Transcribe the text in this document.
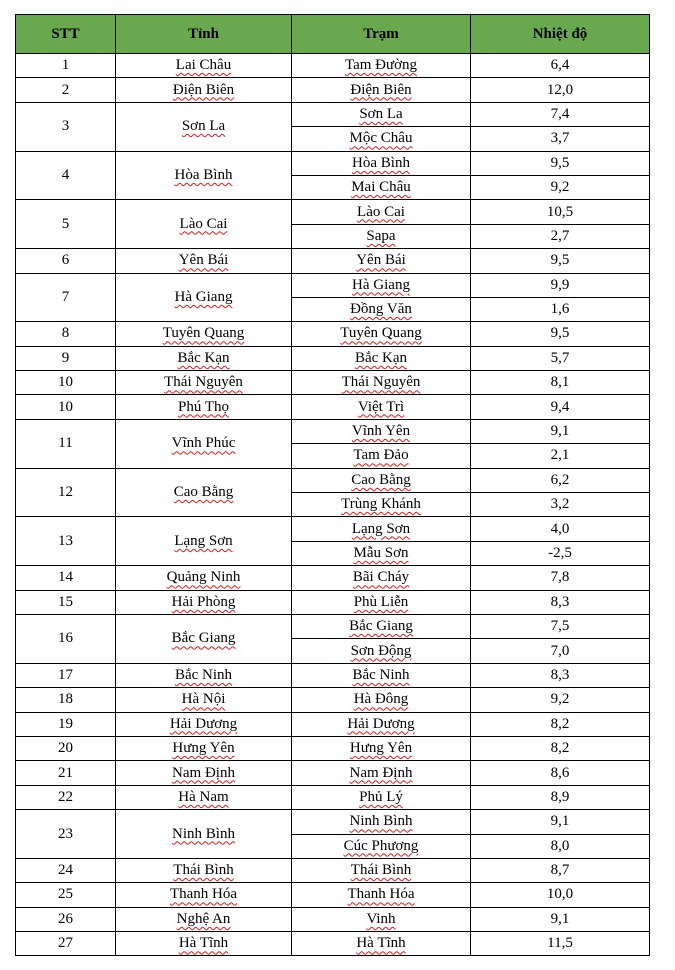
STT	Tỉnh	Trạm	Nhiệt độ
1	Lai Châu	Tam Đường	6,4
2	Điện Biên	Điện Biên	12,0
3	Sơn La	Sơn La	7,4
		Mộc Châu	3,7
4	Hòa Bình	Hòa Bình	9,5
		Mai Châu	9,2
5	Lào Cai	Lào Cai	10,5
		Sapa	2,7
6	Yên Bái	Yên Bái	9,5
7	Hà Giang	Hà Giang	9,9
		Đồng Văn	1,6
8	Tuyên Quang	Tuyên Quang	9,5
9	Bắc Kạn	Bắc Kạn	5,7
10	Thái Nguyên	Thái Nguyên	8,1
10	Phú Thọ	Việt Trì	9,4
11	Vĩnh Phúc	Vĩnh Yên	9,1
		Tam Đảo	2,1
12	Cao Bằng	Cao Bằng	6,2
		Trùng Khánh	3,2
13	Lạng Sơn	Lạng Sơn	4,0
		Mẫu Sơn	-2,5
14	Quảng Ninh	Bãi Cháy	7,8
15	Hải Phòng	Phù Liễn	8,3
16	Bắc Giang	Bắc Giang	7,5
		Sơn Động	7,0
17	Bắc Ninh	Bắc Ninh	8,3
18	Hà Nội	Hà Đông	9,2
19	Hải Dương	Hải Dương	8,2
20	Hưng Yên	Hưng Yên	8,2
21	Nam Định	Nam Định	8,6
22	Hà Nam	Phủ Lý	8,9
23	Ninh Bình	Ninh Bình	9,1
		Cúc Phương	8,0
24	Thái Bình	Thái Bình	8,7
25	Thanh Hóa	Thanh Hóa	10,0
26	Nghệ An	Vinh	9,1
27	Hà Tĩnh	Hà Tĩnh	11,5
